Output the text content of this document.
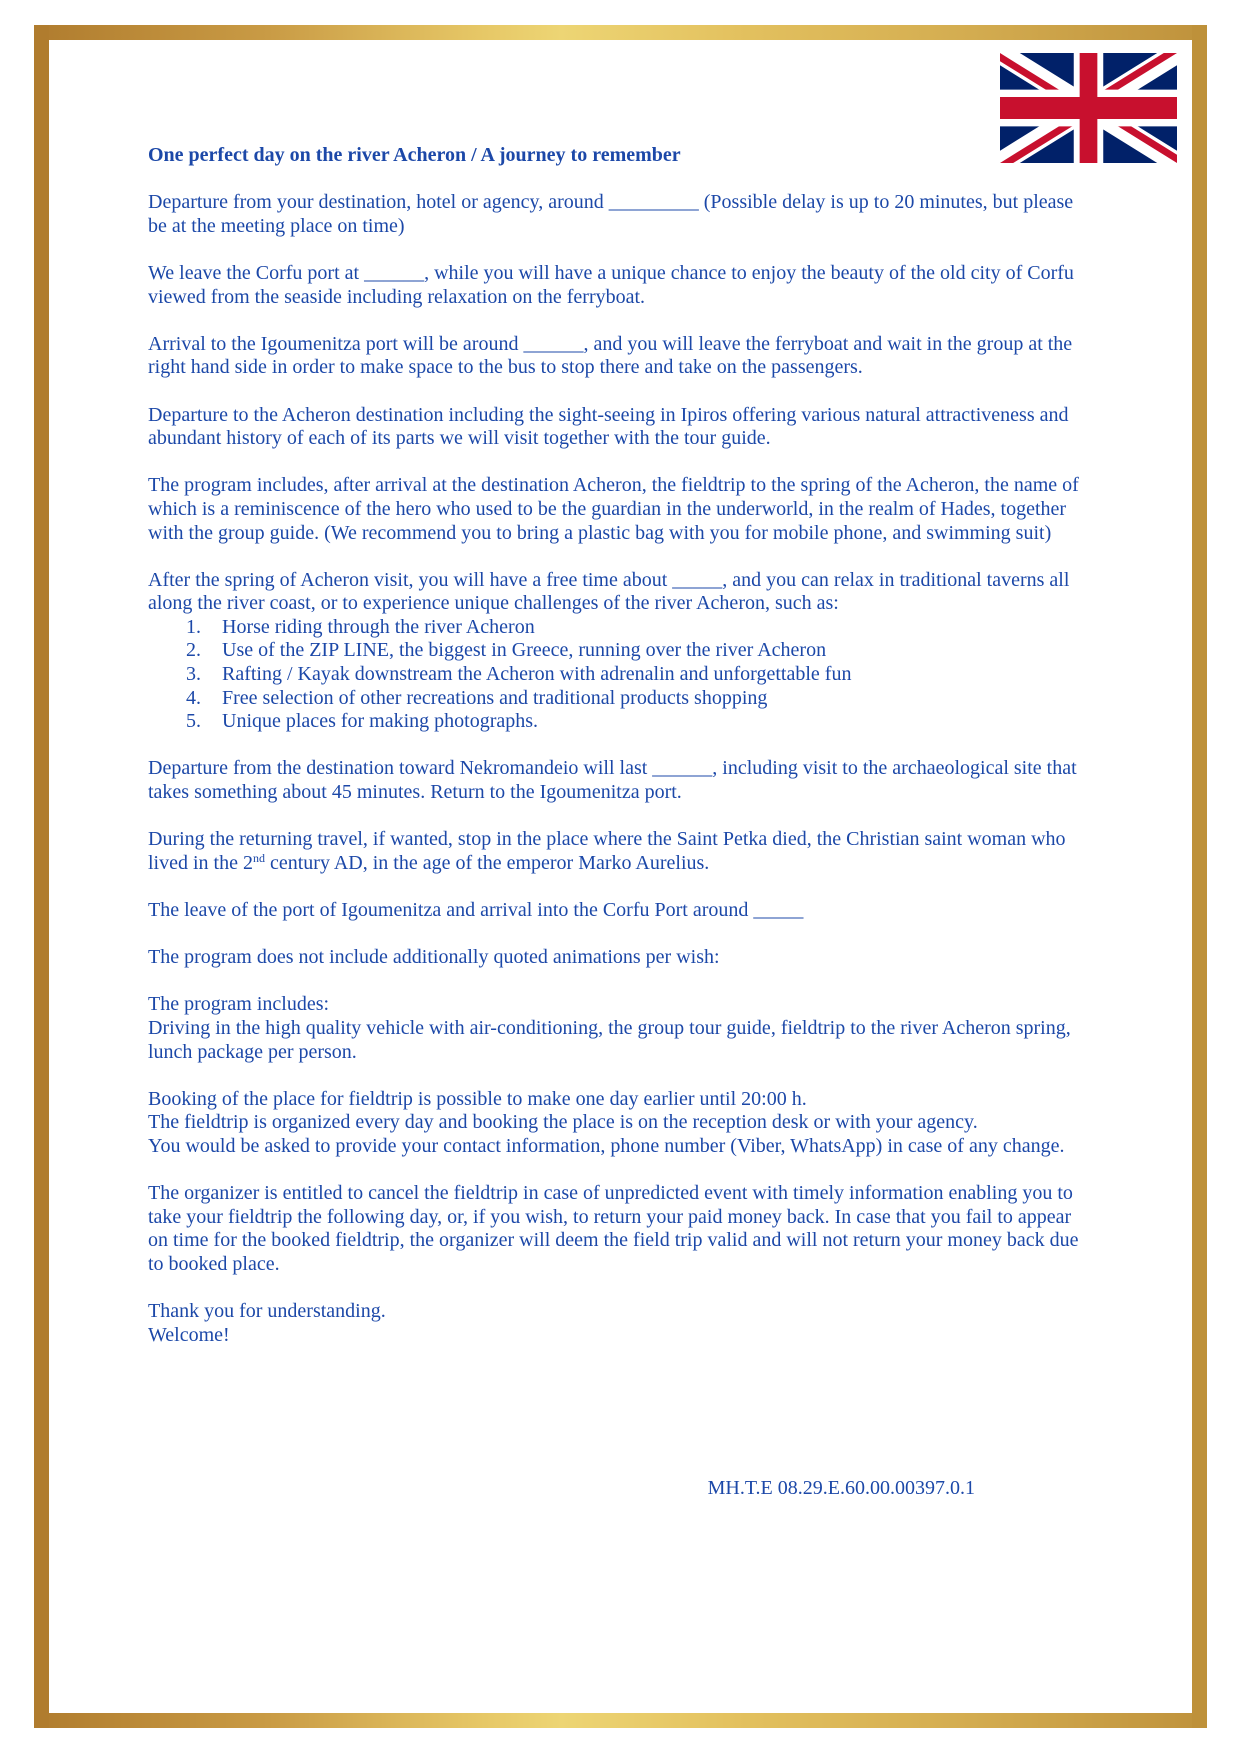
One perfect day on the river Acheron / A journey to remember

Departure from your destination, hotel or agency, around _________ (Possible delay is up to 20 minutes, but please be at the meeting place on time)

We leave the Corfu port at ______, while you will have a unique chance to enjoy the beauty of the old city of Corfu viewed from the seaside including relaxation on the ferryboat.

Arrival to the Igoumenitza port will be around ______, and you will leave the ferryboat and wait in the group at the right hand side in order to make space to the bus to stop there and take on the passengers.

Departure to the Acheron destination including the sight-seeing in Ipiros offering various natural attractiveness and abundant history of each of its parts we will visit together with the tour guide.

The program includes, after arrival at the destination Acheron, the fieldtrip to the spring of the Acheron, the name of which is a reminiscence of the hero who used to be the guardian in the underworld, in the realm of Hades, together with the group guide. (We recommend you to bring a plastic bag with you for mobile phone, and swimming suit)

After the spring of Acheron visit, you will have a free time about _____, and you can relax in traditional taverns all along the river coast, or to experience unique challenges of the river Acheron, such as:
1. Horse riding through the river Acheron
2. Use of the ZIP LINE, the biggest in Greece, running over the river Acheron
3. Rafting / Kayak downstream the Acheron with adrenalin and unforgettable fun
4. Free selection of other recreations and traditional products shopping
5. Unique places for making photographs.

Departure from the destination toward Nekromandeio will last ______, including visit to the archaeological site that takes something about 45 minutes. Return to the Igoumenitza port.

During the returning travel, if wanted, stop in the place where the Saint Petka died, the Christian saint woman who lived in the 2nd century AD, in the age of the emperor Marko Aurelius.

The leave of the port of Igoumenitza and arrival into the Corfu Port around _____

The program does not include additionally quoted animations per wish:

The program includes:
Driving in the high quality vehicle with air-conditioning, the group tour guide, fieldtrip to the river Acheron spring, lunch package per person.

Booking of the place for fieldtrip is possible to make one day earlier until 20:00 h.
The fieldtrip is organized every day and booking the place is on the reception desk or with your agency.
You would be asked to provide your contact information, phone number (Viber, WhatsApp) in case of any change.

The organizer is entitled to cancel the fieldtrip in case of unpredicted event with timely information enabling you to take your fieldtrip the following day, or, if you wish, to return your paid money back. In case that you fail to appear on time for the booked fieldtrip, the organizer will deem the field trip valid and will not return your money back due to booked place.

Thank you for understanding.
Welcome!

MH.T.E 08.29.E.60.00.00397.0.1
